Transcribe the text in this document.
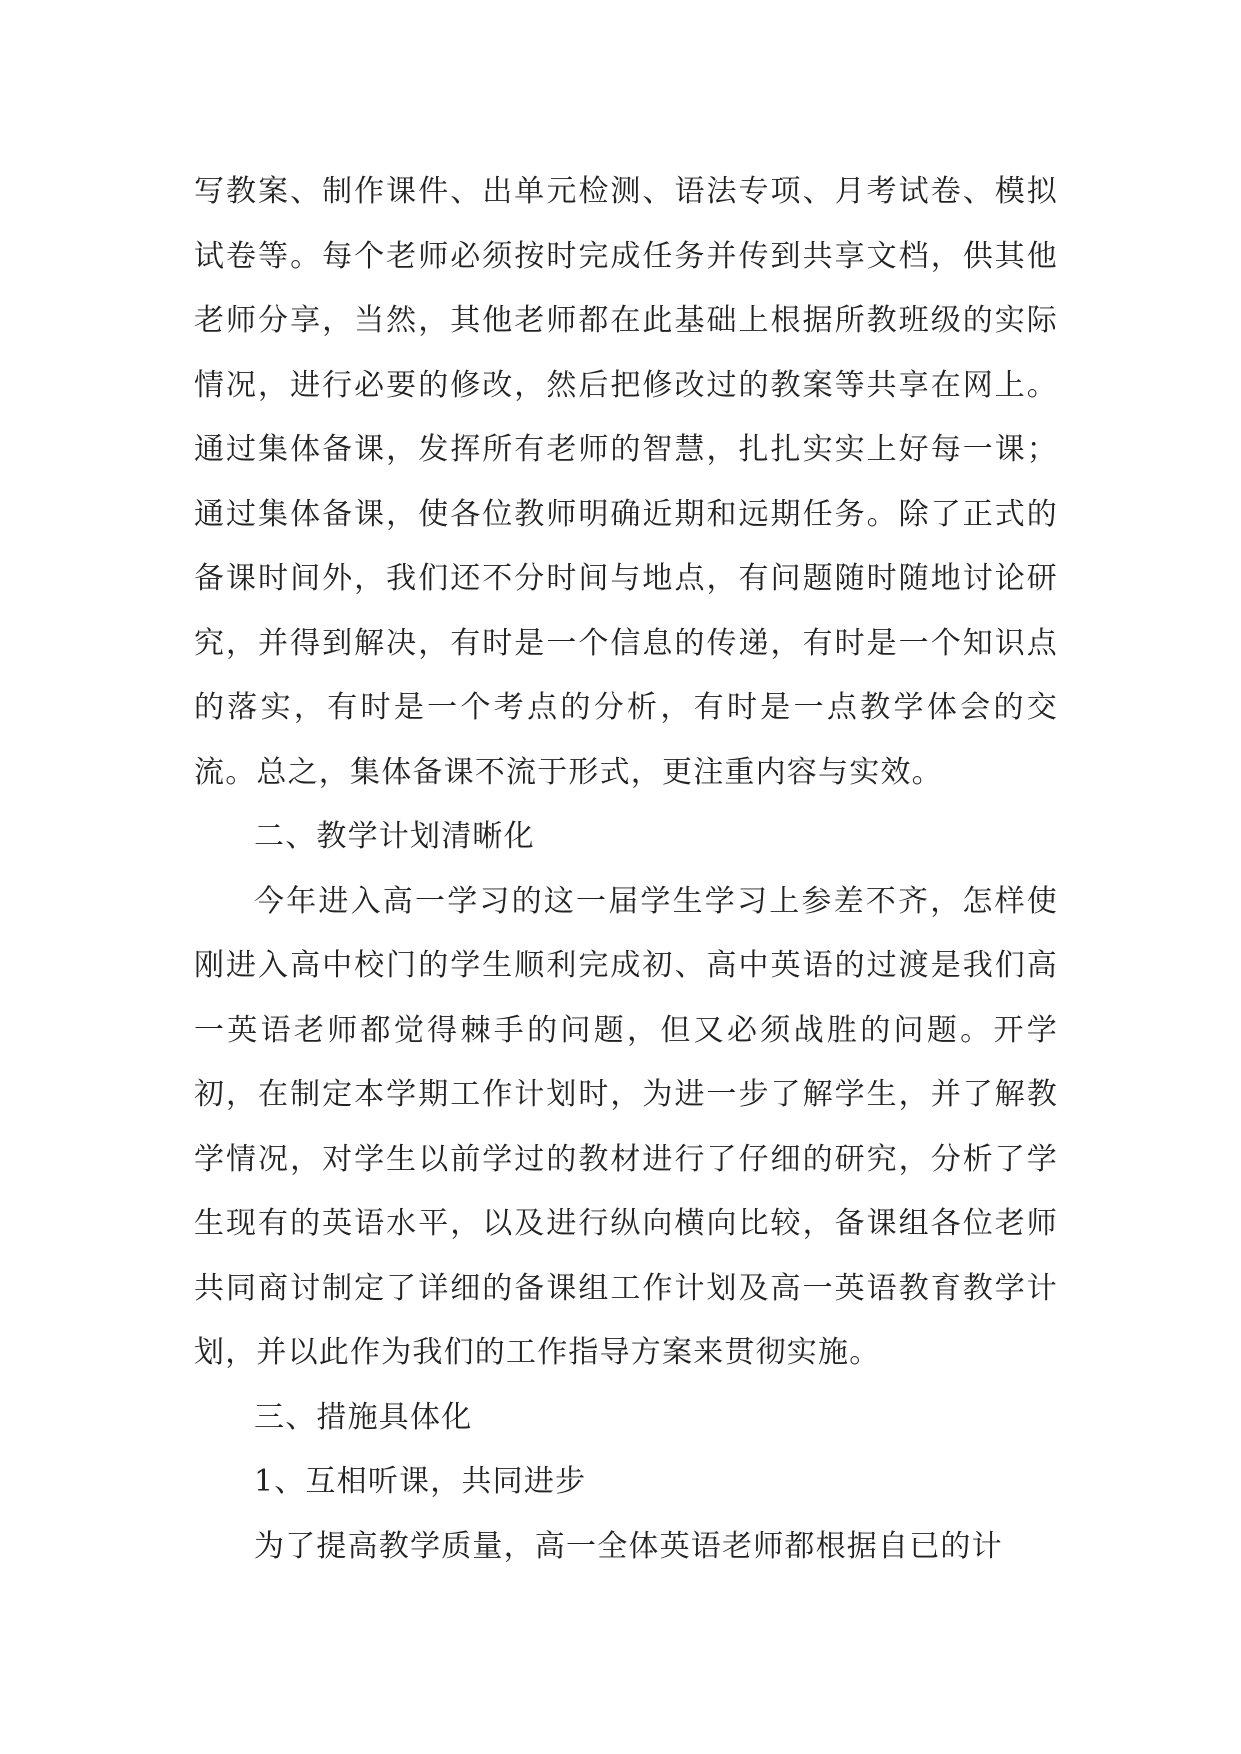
写教案、制作课件、出单元检测、语法专项、月考试卷、模拟试卷等。每个老师必须按时完成任务并传到共享文档，供其他老师分享，当然，其他老师都在此基础上根据所教班级的实际情况，进行必要的修改，然后把修改过的教案等共享在网上。通过集体备课，发挥所有老师的智慧，扎扎实实上好每一课；通过集体备课，使各位教师明确近期和远期任务。除了正式的备课时间外，我们还不分时间与地点，有问题随时随地讨论研究，并得到解决，有时是一个信息的传递，有时是一个知识点的落实，有时是一个考点的分析，有时是一点教学体会的交流。总之，集体备课不流于形式，更注重内容与实效。

二、教学计划清晰化

今年进入高一学习的这一届学生学习上参差不齐，怎样使刚进入高中校门的学生顺利完成初、高中英语的过渡是我们高一英语老师都觉得棘手的问题，但又必须战胜的问题。开学初，在制定本学期工作计划时，为进一步了解学生，并了解教学情况，对学生以前学过的教材进行了仔细的研究，分析了学生现有的英语水平，以及进行纵向横向比较，备课组各位老师共同商讨制定了详细的备课组工作计划及高一英语教育教学计划，并以此作为我们的工作指导方案来贯彻实施。

三、措施具体化

1、互相听课，共同进步

为了提高教学质量，高一全体英语老师都根据自已的计
